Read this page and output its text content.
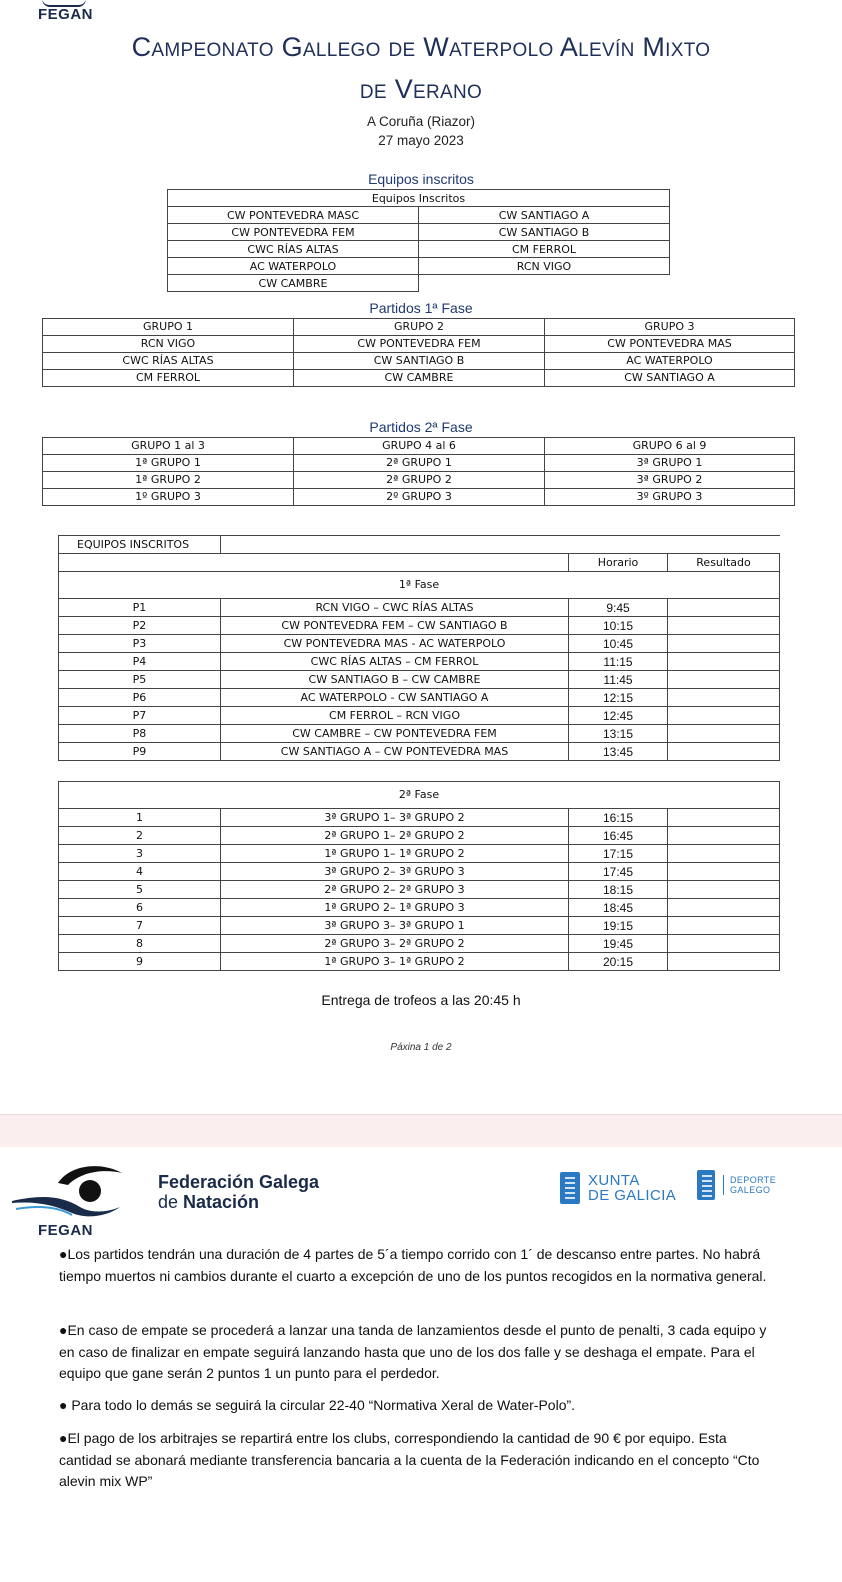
FEGAN
Campeonato Gallego de Waterpolo Alevín Mixto
de Verano
A Coruña (Riazor)
27 mayo 2023
Equipos inscritos
Equipos Inscritos	
CW PONTEVEDRA MASC	CW SANTIAGO A
CW PONTEVEDRA FEM	CW SANTIAGO B
CWC RÍAS ALTAS	CM FERROL
AC WATERPOLO	RCN VIGO
CW CAMBRE	
Partidos 1ª Fase
GRUPO 1	GRUPO 2	GRUPO 3
RCN VIGO	CW PONTEVEDRA FEM	CW PONTEVEDRA MAS
CWC RÍAS ALTAS	CW SANTIAGO B	AC WATERPOLO
CM FERROL	CW CAMBRE	CW SANTIAGO A
Partidos 2ª Fase
GRUPO 1 al 3	GRUPO 4 al 6	GRUPO 6 al 9
1ª GRUPO 1	2ª GRUPO 1	3ª GRUPO 1
1ª GRUPO 2	2ª GRUPO 2	3ª GRUPO 2
1º GRUPO 3	2º GRUPO 3	3º GRUPO 3
EQUIPOS INSCRITOS			
		Horario	Resultado
1ª Fase			
P1	RCN VIGO – CWC RÍAS ALTAS	9:45	
P2	CW PONTEVEDRA FEM – CW SANTIAGO B	10:15	
P3	CW PONTEVEDRA MAS - AC WATERPOLO	10:45	
P4	CWC RÍAS ALTAS – CM FERROL	11:15	
P5	CW SANTIAGO B – CW CAMBRE	11:45	
P6	AC WATERPOLO - CW SANTIAGO A	12:15	
P7	CM FERROL – RCN VIGO	12:45	
P8	CW CAMBRE – CW PONTEVEDRA FEM	13:15	
P9	CW SANTIAGO A – CW PONTEVEDRA MAS	13:45	
2ª Fase			
1	3ª GRUPO 1– 3ª GRUPO 2	16:15	
2	2ª GRUPO 1– 2ª GRUPO 2	16:45	
3	1ª GRUPO 1– 1ª GRUPO 2	17:15	
4	3ª GRUPO 2– 3ª GRUPO 3	17:45	
5	2ª GRUPO 2– 2ª GRUPO 3	18:15	
6	1ª GRUPO 2– 1ª GRUPO 3	18:45	
7	3ª GRUPO 3– 3ª GRUPO 1	19:15	
8	2ª GRUPO 3– 2ª GRUPO 2	19:45	
9	1ª GRUPO 3– 1ª GRUPO 2	20:15	
Entrega de trofeos a las 20:45 h
Páxina 1 de 2
Federación Galega
de Natación
FEGAN
XUNTA
DE GALICIA
DEPORTE
GALEGO
●Los partidos tendrán una duración de 4 partes de 5´a tiempo corrido con 1´ de descanso entre partes. No habrá tiempo muertos ni cambios durante el cuarto a excepción de uno de los puntos recogidos en la normativa general.
●En caso de empate se procederá a lanzar una tanda de lanzamientos desde el punto de penalti, 3 cada equipo y en caso de finalizar en empate seguirá lanzando hasta que uno de los dos falle y se deshaga el empate. Para el equipo que gane serán 2 puntos 1 un punto para el perdedor.
● Para todo lo demás se seguirá la circular 22-40 “Normativa Xeral de Water-Polo”.
●El pago de los arbitrajes se repartirá entre los clubs, correspondiendo la cantidad de 90 € por equipo. Esta cantidad se abonará mediante transferencia bancaria a la cuenta de la Federación indicando en el concepto “Cto alevin mix WP”
